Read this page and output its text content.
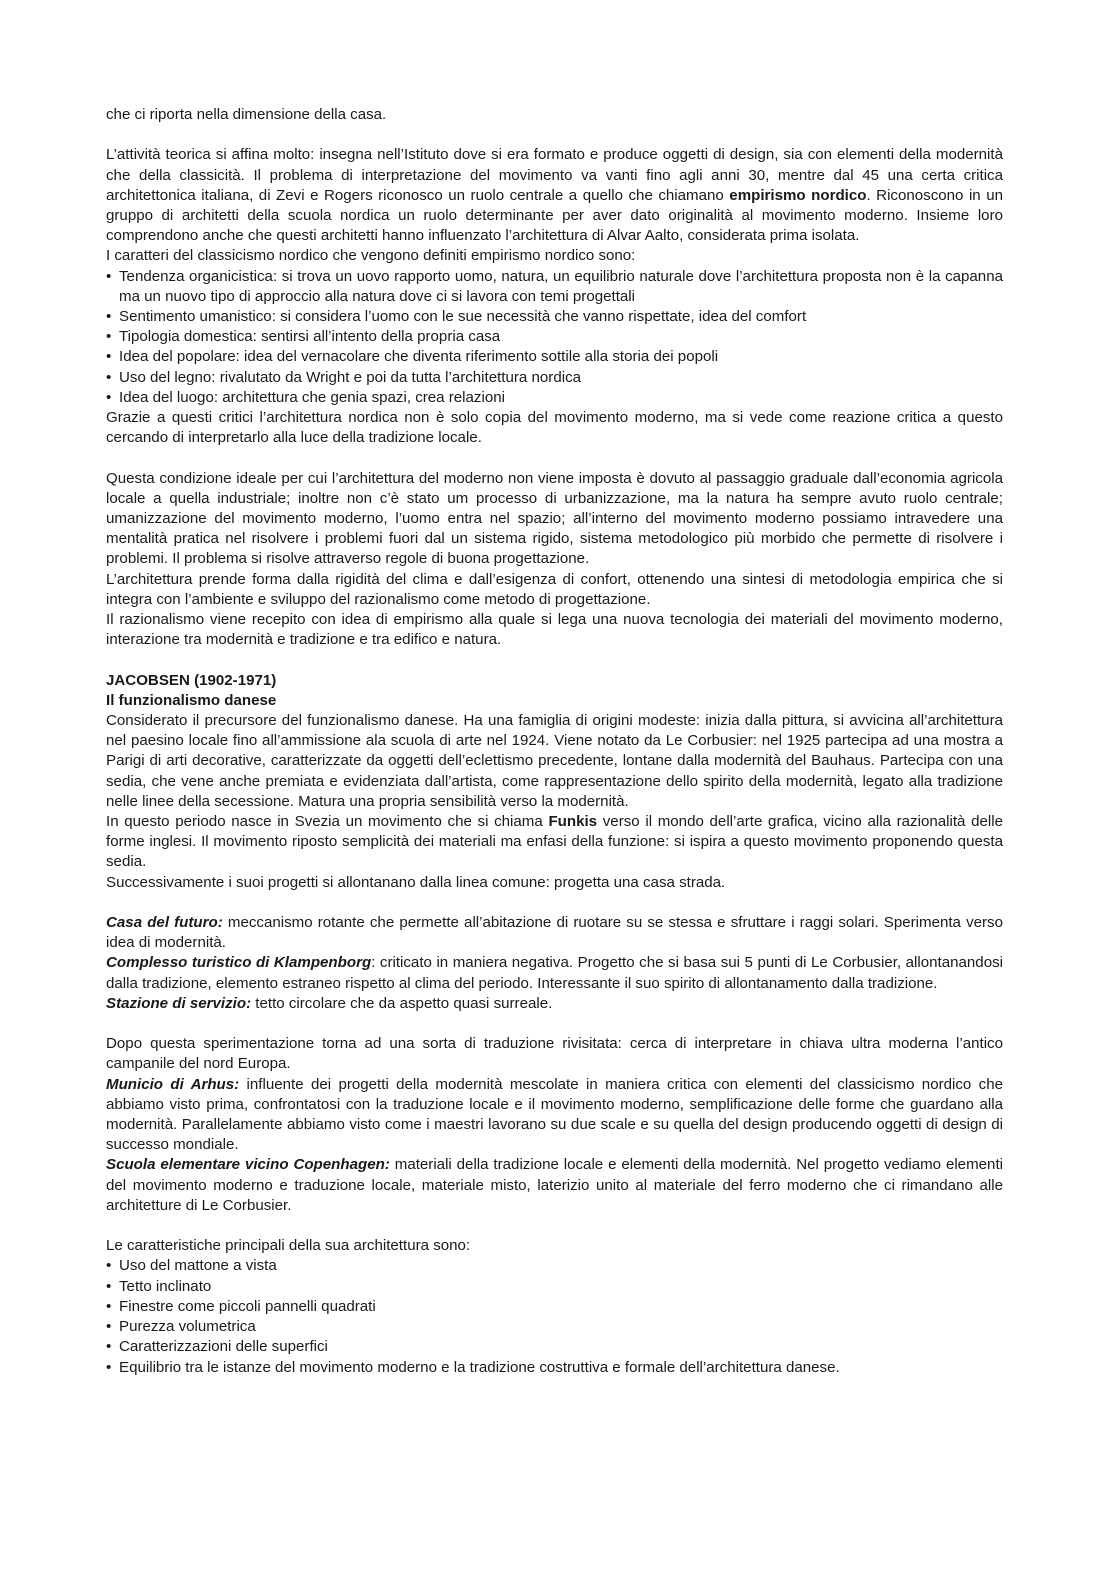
che ci riporta nella dimensione della casa.

L’attività teorica si affina molto: insegna nell’Istituto dove si era formato e produce oggetti di design, sia con elementi della modernità che della classicità. Il problema di interpretazione del movimento va vanti fino agli anni 30, mentre dal 45 una certa critica architettonica italiana, di Zevi e Rogers riconosco un ruolo centrale a quello che chiamano empirismo nordico. Riconoscono in un gruppo di architetti della scuola nordica un ruolo determinante per aver dato originalità al movimento moderno. Insieme loro comprendono anche che questi architetti hanno influenzato l’architettura di Alvar Aalto, considerata prima isolata.

I caratteri del classicismo nordico che vengono definiti empirismo nordico sono:

• Tendenza organicistica: si trova un uovo rapporto uomo, natura, un equilibrio naturale dove l’architettura proposta non è la capanna ma un nuovo tipo di approccio alla natura dove ci si lavora con temi progettali

• Sentimento umanistico: si considera l’uomo con le sue necessità che vanno rispettate, idea del comfort

• Tipologia domestica: sentirsi all’intento della propria casa

• Idea del popolare: idea del vernacolare che diventa riferimento sottile alla storia dei popoli

• Uso del legno: rivalutato da Wright e poi da tutta l’architettura nordica

• Idea del luogo: architettura che genia spazi, crea relazioni

Grazie a questi critici l’architettura nordica non è solo copia del movimento moderno, ma si vede come reazione critica a questo cercando di interpretarlo alla luce della tradizione locale.

Questa condizione ideale per cui l’architettura del moderno non viene imposta è dovuto al passaggio graduale dall’economia agricola locale a quella industriale; inoltre non c’è stato um processo di urbanizzazione, ma la natura ha sempre avuto ruolo centrale; umanizzazione del movimento moderno, l’uomo entra nel spazio; all’interno del movimento moderno possiamo intravedere una mentalità pratica nel risolvere i problemi fuori dal un sistema rigido, sistema metodologico più morbido che permette di risolvere i problemi. Il problema si risolve attraverso regole di buona progettazione.

L’architettura prende forma dalla rigidità del clima e dall’esigenza di confort, ottenendo una sintesi di metodologia empirica che si integra con l’ambiente e sviluppo del razionalismo come metodo di progettazione.

Il razionalismo viene recepito con idea di empirismo alla quale si lega una nuova tecnologia dei materiali del movimento moderno, interazione tra modernità e tradizione e tra edifico e natura.

JACOBSEN (1902-1971)

Il funzionalismo danese

Considerato il precursore del funzionalismo danese. Ha una famiglia di origini modeste: inizia dalla pittura, si avvicina all’architettura nel paesino locale fino all’ammissione ala scuola di arte nel 1924. Viene notato da Le Corbusier: nel 1925 partecipa ad una mostra a Parigi di arti decorative, caratterizzate da oggetti dell’eclettismo precedente, lontane dalla modernità del Bauhaus. Partecipa con una sedia, che vene anche premiata e evidenziata dall’artista, come rappresentazione dello spirito della modernità, legato alla tradizione nelle linee della secessione. Matura una propria sensibilità verso la modernità.

In questo periodo nasce in Svezia un movimento che si chiama Funkis verso il mondo dell’arte grafica, vicino alla razionalità delle forme inglesi. Il movimento riposto semplicità dei materiali ma enfasi della funzione: si ispira a questo movimento proponendo questa sedia.

Successivamente i suoi progetti si allontanano dalla linea comune: progetta una casa strada.

Casa del futuro: meccanismo rotante che permette all’abitazione di ruotare su se stessa e sfruttare i raggi solari. Sperimenta verso idea di modernità.

Complesso turistico di Klampenborg: criticato in maniera negativa. Progetto che si basa sui 5 punti di Le Corbusier, allontanandosi dalla tradizione, elemento estraneo rispetto al clima del periodo. Interessante il suo spirito di allontanamento dalla tradizione.

Stazione di servizio: tetto circolare che da aspetto quasi surreale.

Dopo questa sperimentazione torna ad una sorta di traduzione rivisitata: cerca di interpretare in chiava ultra moderna l’antico campanile del nord Europa.

Municio di Arhus: influente dei progetti della modernità mescolate in maniera critica con elementi del classicismo nordico che abbiamo visto prima, confrontatosi con la traduzione locale e il movimento moderno, semplificazione delle forme che guardano alla modernità. Parallelamente abbiamo visto come i maestri lavorano su due scale e su quella del design producendo oggetti di design di successo mondiale.

Scuola elementare vicino Copenhagen: materiali della tradizione locale e elementi della modernità. Nel progetto vediamo elementi del movimento moderno e traduzione locale, materiale misto, laterizio unito al materiale del ferro moderno che ci rimandano alle architetture di Le Corbusier.

Le caratteristiche principali della sua architettura sono:

• Uso del mattone a vista

• Tetto inclinato

• Finestre come piccoli pannelli quadrati

• Purezza volumetrica

• Caratterizzazioni delle superfici

• Equilibrio tra le istanze del movimento moderno e la tradizione costruttiva e formale dell’architettura danese.
